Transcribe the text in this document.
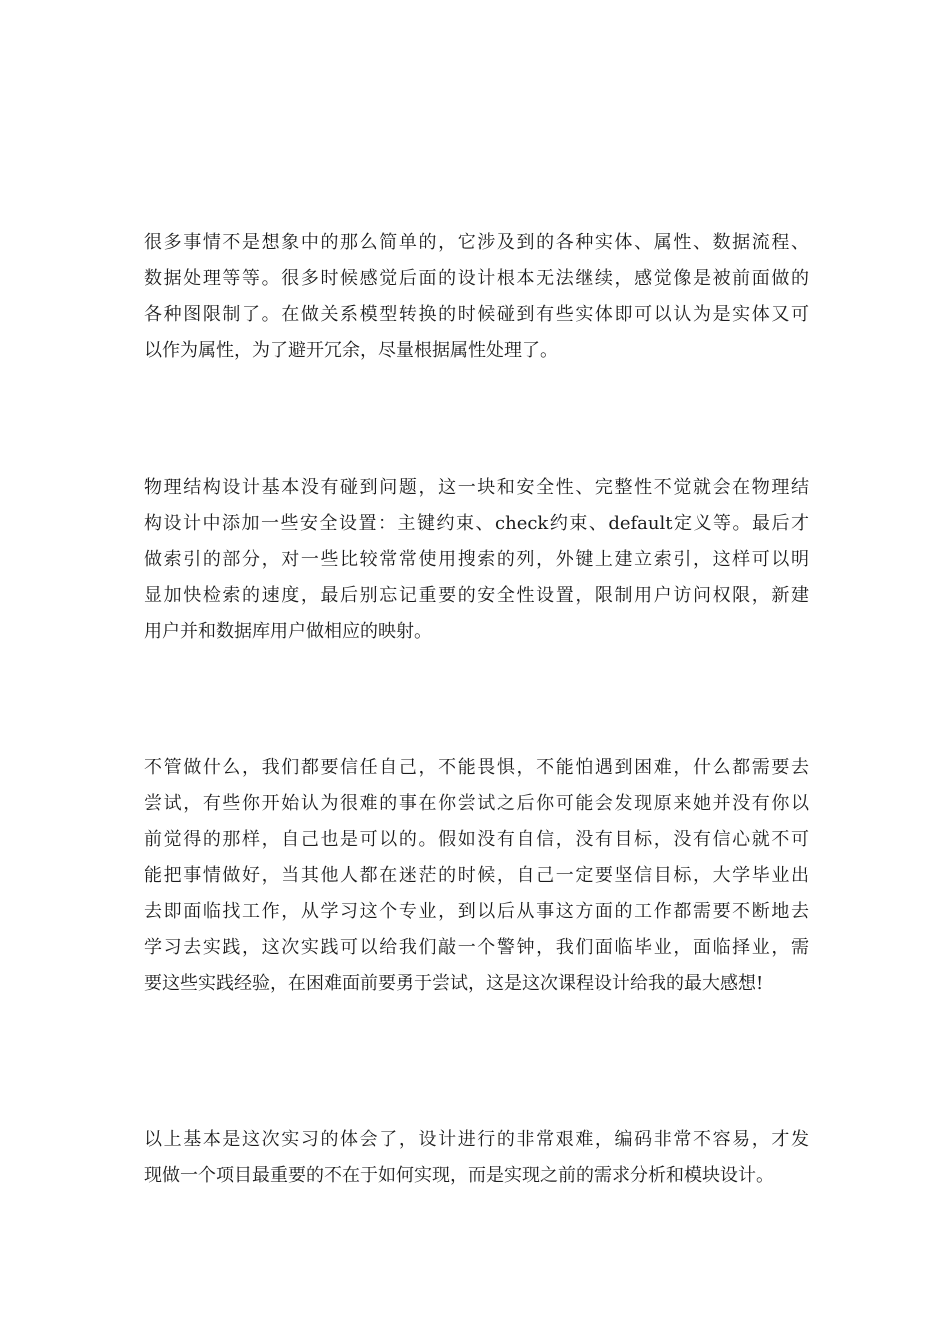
很多事情不是想象中的那么简单的，它涉及到的各种实体、属性、数据流程、
数据处理等等。很多时候感觉后面的设计根本无法继续，感觉像是被前面做的
各种图限制了。在做关系模型转换的时候碰到有些实体即可以认为是实体又可
以作为属性，为了避开冗余，尽量根据属性处理了。
物理结构设计基本没有碰到问题，这一块和安全性、完整性不觉就会在物理结
构设计中添加一些安全设置：主键约束、check约束、default定义等。最后才
做索引的部分，对一些比较常常使用搜索的列，外键上建立索引，这样可以明
显加快检索的速度，最后别忘记重要的安全性设置，限制用户访问权限，新建
用户并和数据库用户做相应的映射。
不管做什么，我们都要信任自己，不能畏惧，不能怕遇到困难，什么都需要去
尝试，有些你开始认为很难的事在你尝试之后你可能会发现原来她并没有你以
前觉得的那样，自己也是可以的。假如没有自信，没有目标，没有信心就不可
能把事情做好，当其他人都在迷茫的时候，自己一定要坚信目标，大学毕业出
去即面临找工作，从学习这个专业，到以后从事这方面的工作都需要不断地去
学习去实践，这次实践可以给我们敲一个警钟，我们面临毕业，面临择业，需
要这些实践经验，在困难面前要勇于尝试，这是这次课程设计给我的最大感想!
以上基本是这次实习的体会了，设计进行的非常艰难，编码非常不容易，才发
现做一个项目最重要的不在于如何实现，而是实现之前的需求分析和模块设计。
